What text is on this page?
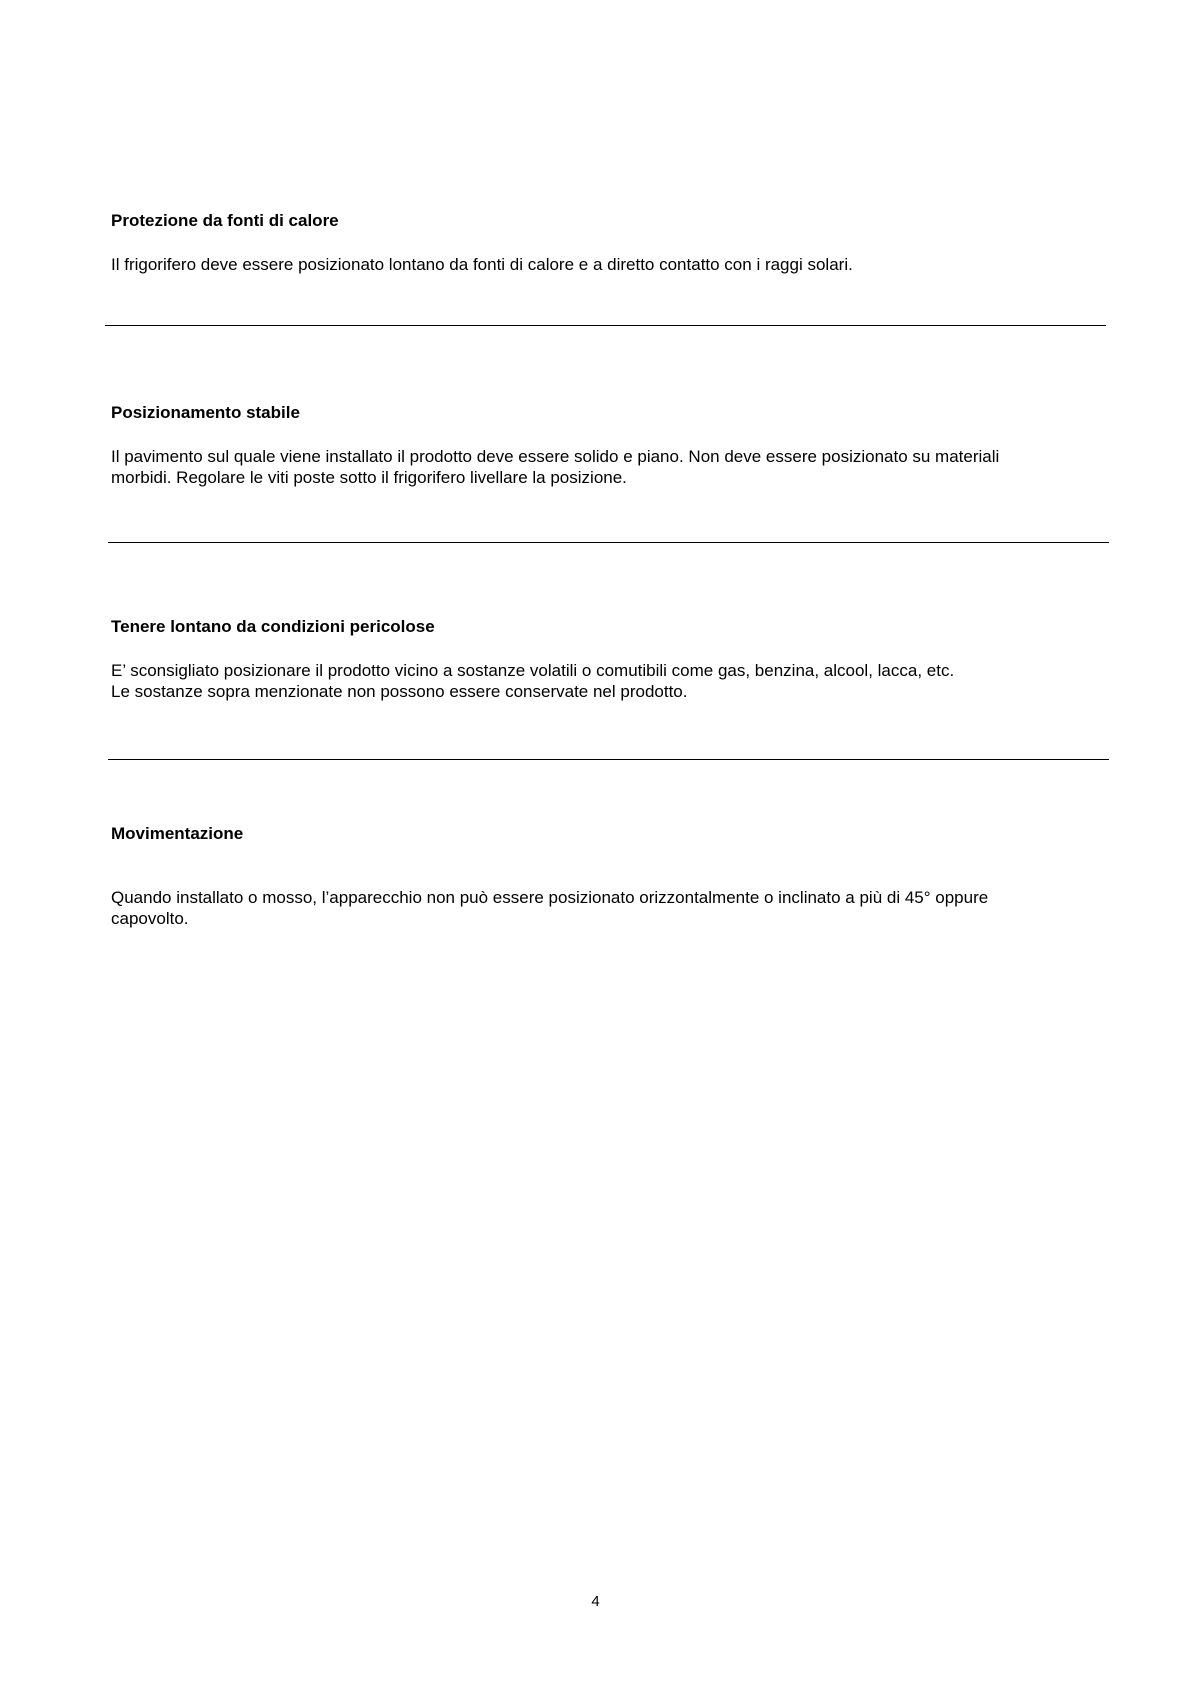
Protezione da fonti di calore

Il frigorifero deve essere posizionato lontano da fonti di calore e a diretto contatto con i raggi solari.

Posizionamento stabile

Il pavimento sul quale viene installato il prodotto deve essere solido e piano. Non deve essere posizionato su materiali
morbidi. Regolare le viti poste sotto il frigorifero livellare la posizione.

Tenere lontano da condizioni pericolose

E’ sconsigliato posizionare il prodotto vicino a sostanze volatili o comutibili come gas, benzina, alcool, lacca, etc.
Le sostanze sopra menzionate non possono essere conservate nel prodotto.

Movimentazione

Quando installato o mosso, l’apparecchio non può essere posizionato orizzontalmente o inclinato a più di 45° oppure
capovolto.

4
